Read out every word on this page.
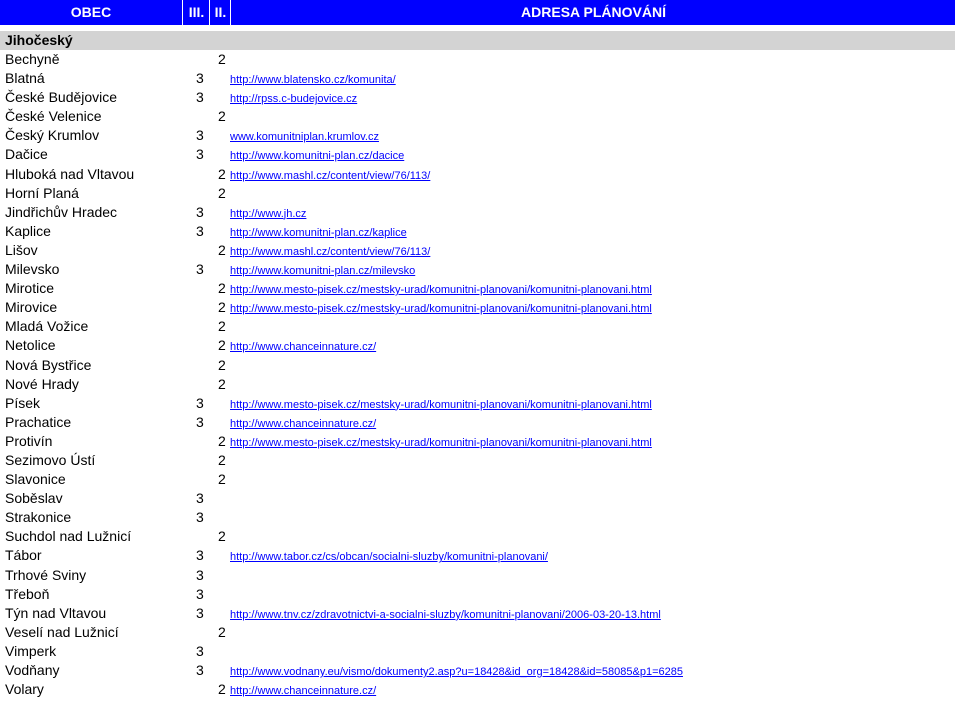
OBEC	III. II.	ADRESA PLÁNOVÁNÍ
Jihočeský
Bechyně	2
Blatná	3 http://www.blatensko.cz/komunita/
České Budějovice	3 http://rpss.c-budejovice.cz
České Velenice	2
Český Krumlov	3 www.komunitniplan.krumlov.cz
Dačice	3 http://www.komunitni-plan.cz/dacice
Hluboká nad Vltavou	2 http://www.mashl.cz/content/view/76/113/
Horní Planá	2
Jindřichův Hradec	3 http://www.jh.cz
Kaplice	3 http://www.komunitni-plan.cz/kaplice
Lišov	2 http://www.mashl.cz/content/view/76/113/
Milevsko	3 http://www.komunitni-plan.cz/milevsko
Mirotice	2 http://www.mesto-pisek.cz/mestsky-urad/komunitni-planovani/komunitni-planovani.html
Mirovice	2 http://www.mesto-pisek.cz/mestsky-urad/komunitni-planovani/komunitni-planovani.html
Mladá Vožice	2
Netolice	2 http://www.chanceinnature.cz/
Nová Bystřice	2
Nové Hrady	2
Písek	3 http://www.mesto-pisek.cz/mestsky-urad/komunitni-planovani/komunitni-planovani.html
Prachatice	3 http://www.chanceinnature.cz/
Protivín	2 http://www.mesto-pisek.cz/mestsky-urad/komunitni-planovani/komunitni-planovani.html
Sezimovo Ústí	2
Slavonice	2
Soběslav	3
Strakonice	3
Suchdol nad Lužnicí	2
Tábor	3 http://www.tabor.cz/cs/obcan/socialni-sluzby/komunitni-planovani/
Trhové Sviny	3
Třeboň	3
Týn nad Vltavou	3 http://www.tnv.cz/zdravotnictvi-a-socialni-sluzby/komunitni-planovani/2006-03-20-13.html
Veselí nad Lužnicí	2
Vimperk	3
Vodňany	3 http://www.vodnany.eu/vismo/dokumenty2.asp?u=18428&id_org=18428&id=58085&p1=6285
Volary	2 http://www.chanceinnature.cz/
